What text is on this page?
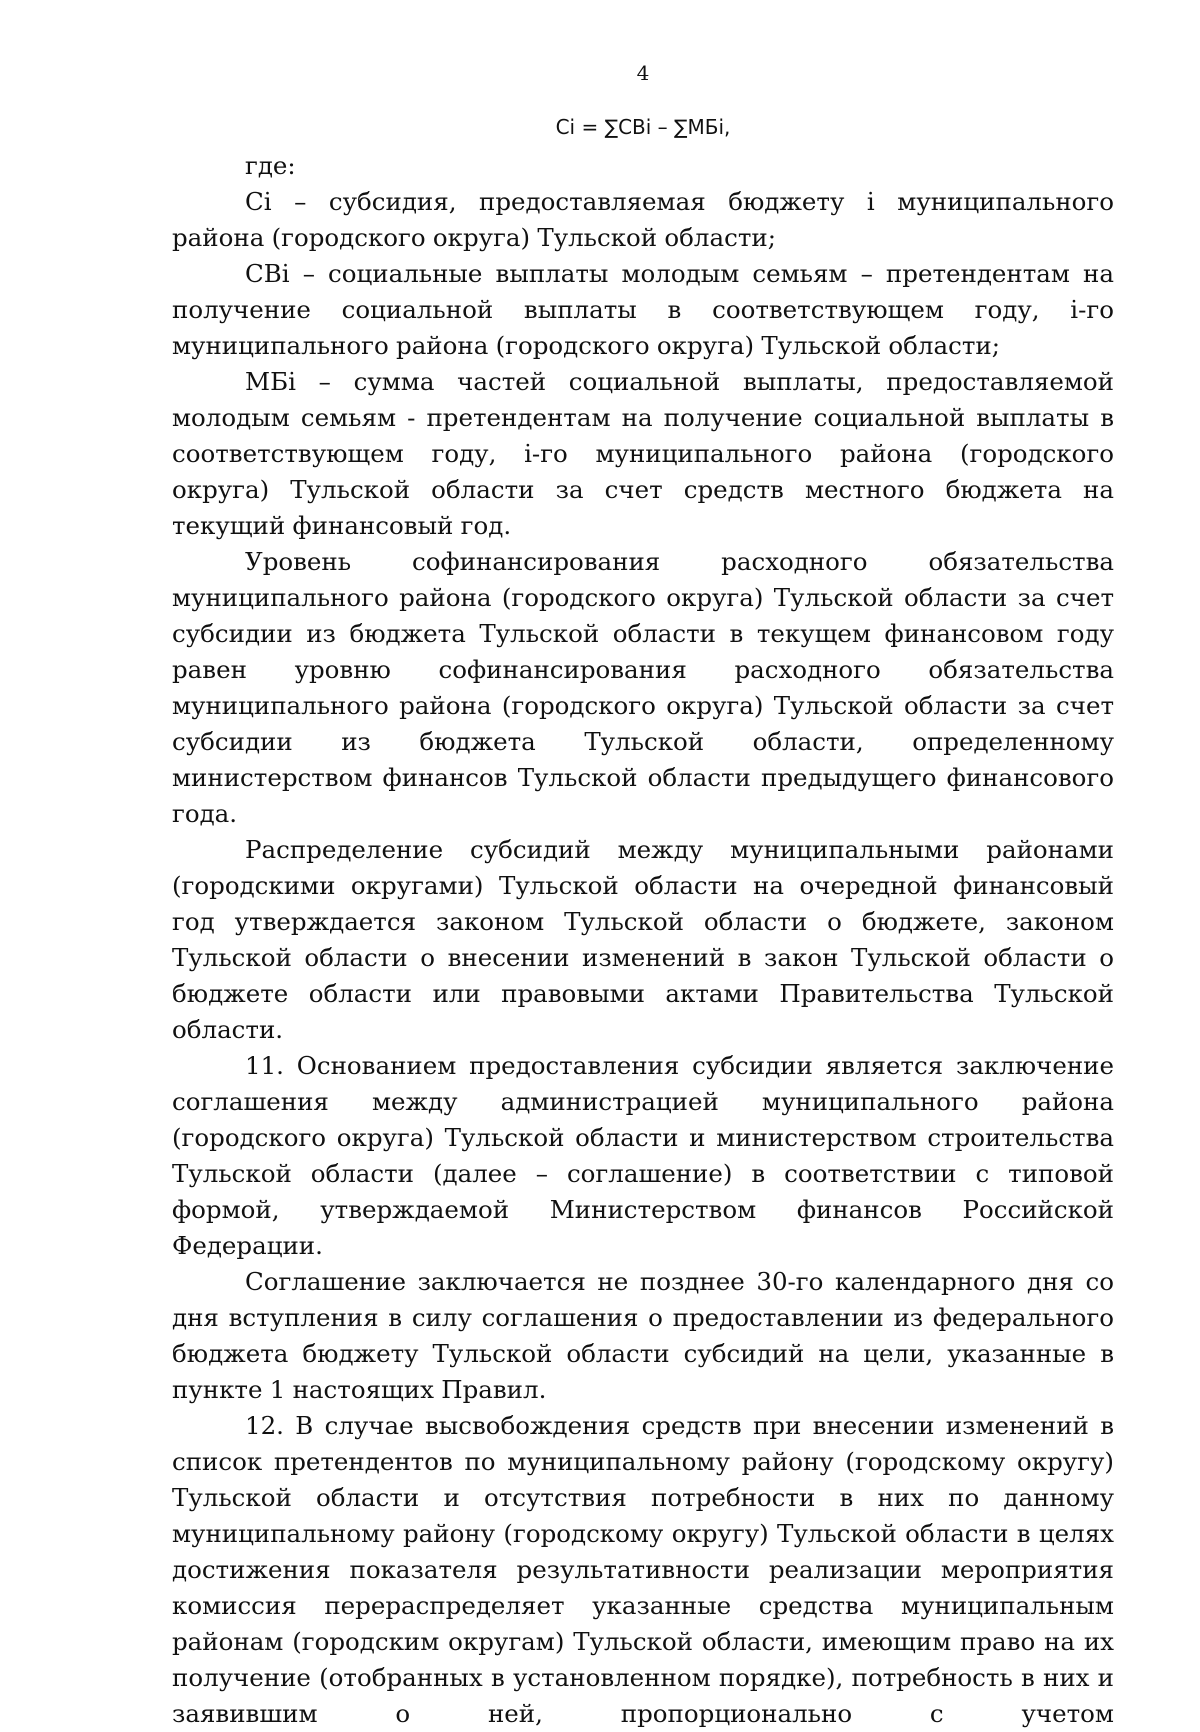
4
Ci = ∑CBi – ∑МБi,

где:

Ci – субсидия, предоставляемая бюджету i муниципального района (городского округа) Тульской области;

СВi – социальные выплаты молодым семьям – претендентам на получение социальной выплаты в соответствующем году, i-го муниципального района (городского округа) Тульской области;

МБi – сумма частей социальной выплаты, предоставляемой молодым семьям - претендентам на получение социальной выплаты в соответствующем году, i-го муниципального района (городского округа) Тульской области за счет средств местного бюджета на текущий финансовый год.

Уровень софинансирования расходного обязательства муниципального района (городского округа) Тульской области за счет субсидии из бюджета Тульской области в текущем финансовом году равен уровню софинансирования расходного обязательства муниципального района (городского округа) Тульской области за счет субсидии из бюджета Тульской области, определенному министерством финансов Тульской области предыдущего финансового года.

Распределение субсидий между муниципальными районами (городскими округами) Тульской области на очередной финансовый год утверждается законом Тульской области о бюджете, законом Тульской области о внесении изменений в закон Тульской области о бюджете области или правовыми актами Правительства Тульской области.

11. Основанием предоставления субсидии является заключение соглашения между администрацией муниципального района (городского округа) Тульской области и министерством строительства Тульской области (далее – соглашение) в соответствии с типовой формой, утверждаемой Министерством финансов Российской Федерации.

Соглашение заключается не позднее 30-го календарного дня со дня вступления в силу соглашения о предоставлении из федерального бюджета бюджету Тульской области субсидий на цели, указанные в пункте 1 настоящих Правил.

12. В случае высвобождения средств при внесении изменений в список претендентов по муниципальному району (городскому округу) Тульской области и отсутствия потребности в них по данному муниципальному району (городскому округу) Тульской области в целях достижения показателя результативности реализации мероприятия комиссия перераспределяет указанные средства муниципальным районам (городским округам) Тульской области, имеющим право на их получение (отобранных в установленном порядке), потребность в них и заявившим о ней, пропорционально с учетом
